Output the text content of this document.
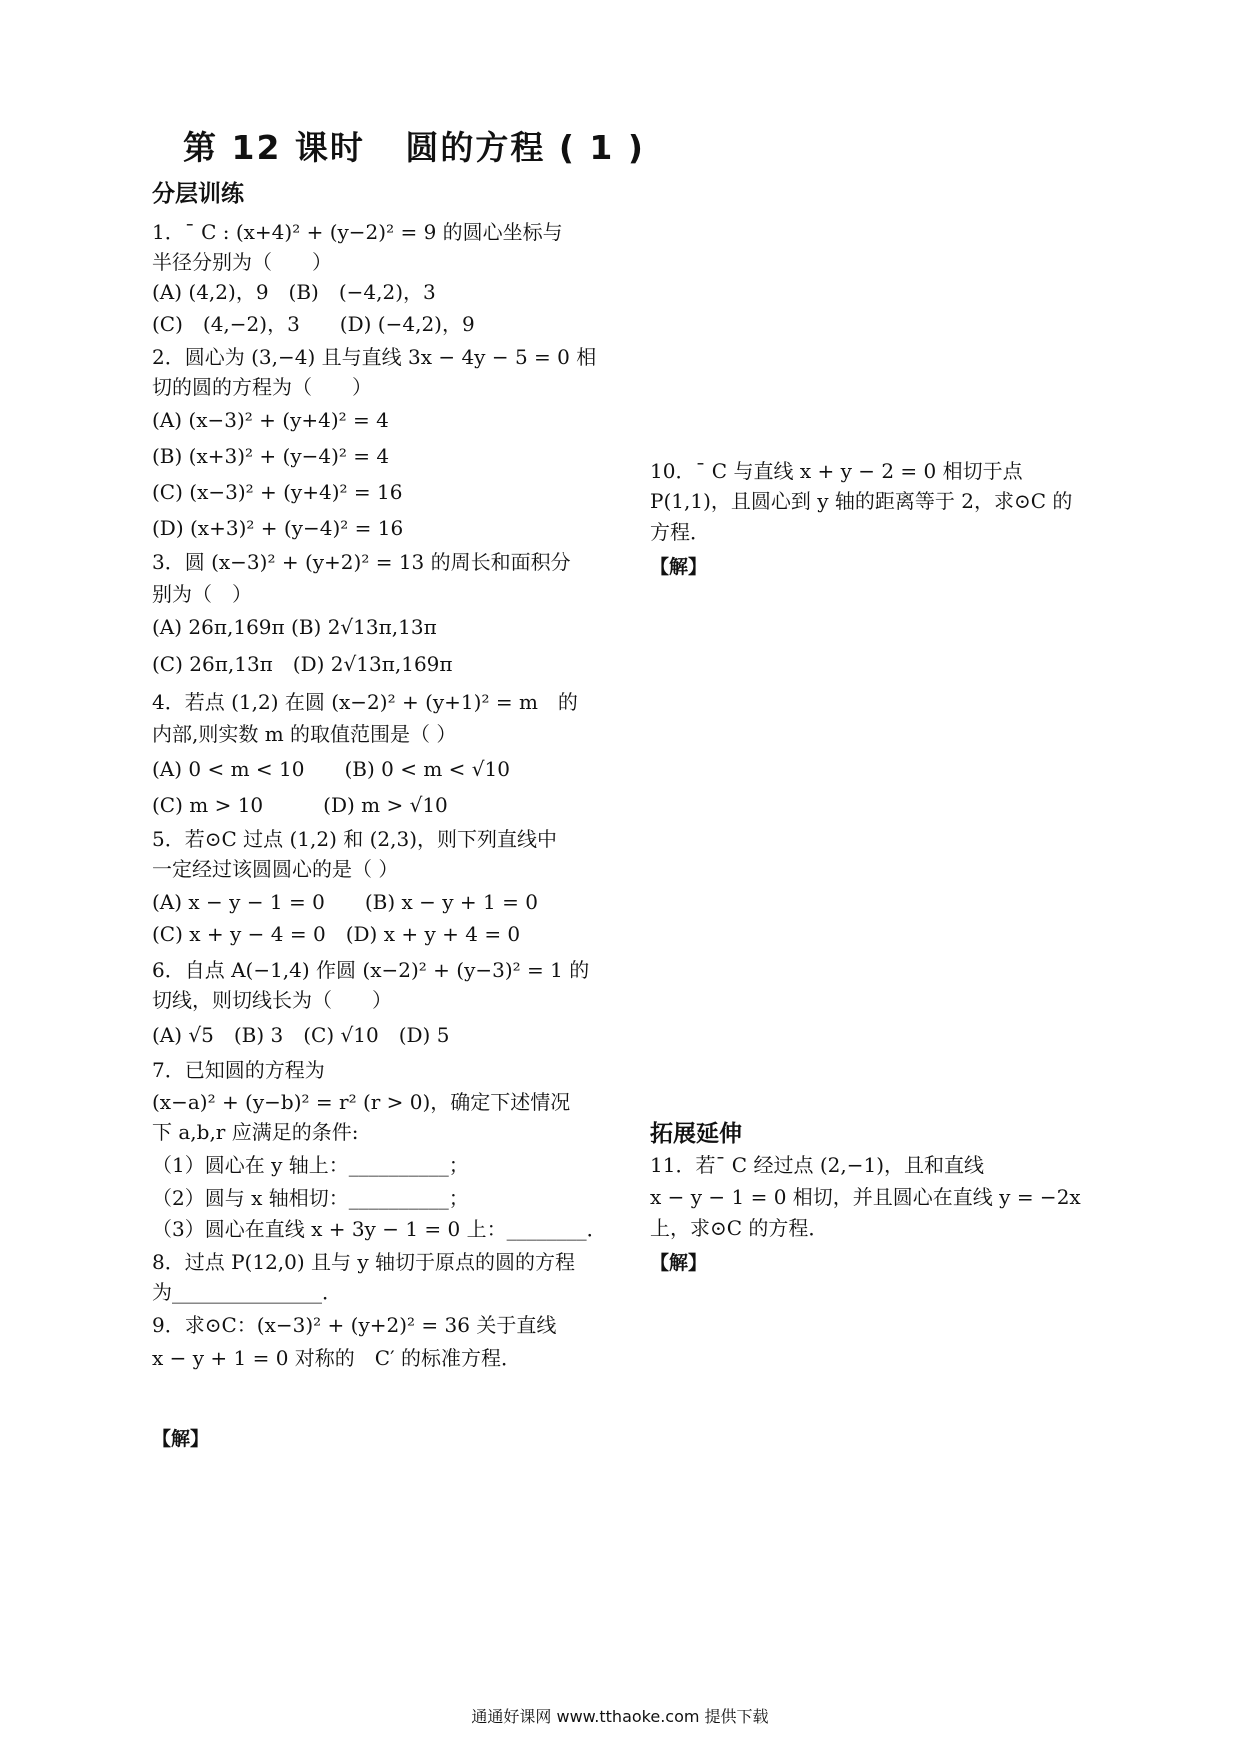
第 12 课时   圆的方程 ( 1 )
分层训练
1．¯ C : (x+4)² + (y−2)² = 9 的圆心坐标与
半径分别为（　　）
(A) (4,2)，9　(B)　(−4,2)，3
(C)　(4,−2)，3　　(D) (−4,2)，9
2．圆心为 (3,−4) 且与直线 3x − 4y − 5 = 0 相
切的圆的方程为（　　）
(A) (x−3)² + (y+4)² = 4
(B) (x+3)² + (y−4)² = 4
(C) (x−3)² + (y+4)² = 16
(D) (x+3)² + (y−4)² = 16
3．圆 (x−3)² + (y+2)² = 13 的周长和面积分
别为（　）
(A) 26π,169π (B) 2√13π,13π
(C) 26π,13π　(D) 2√13π,169π
4．若点 (1,2) 在圆 (x−2)² + (y+1)² = m　的
内部,则实数 m 的取值范围是（ ）
(A) 0 < m < 10　　(B) 0 < m < √10
(C) m > 10　　　(D) m > √10
5．若⊙C 过点 (1,2) 和 (2,3)，则下列直线中
一定经过该圆圆心的是（ ）
(A) x − y − 1 = 0　　(B) x − y + 1 = 0
(C) x + y − 4 = 0　(D) x + y + 4 = 0
6．自点 A(−1,4) 作圆 (x−2)² + (y−3)² = 1 的
切线，则切线长为（　　）
(A) √5　(B) 3　(C) √10　(D) 5
7．已知圆的方程为
(x−a)² + (y−b)² = r² (r > 0)，确定下述情况
下 a,b,r 应满足的条件:
（1）圆心在 y 轴上：__________；
（2）圆与 x 轴相切：__________；
（3）圆心在直线 x + 3y − 1 = 0 上：________．
8．过点 P(12,0) 且与 y 轴切于原点的圆的方程
为_______________．
9．求⊙C：(x−3)² + (y+2)² = 36 关于直线
x − y + 1 = 0 对称的　C′ 的标准方程．
【解】
10．¯ C 与直线 x + y − 2 = 0 相切于点
P(1,1)，且圆心到 y 轴的距离等于 2，求⊙C 的
方程．
【解】
拓展延伸
11．若¯ C 经过点 (2,−1)，且和直线
x − y − 1 = 0 相切，并且圆心在直线 y = −2x
上，求⊙C 的方程．
【解】
通通好课网 www.tthaoke.com 提供下载
